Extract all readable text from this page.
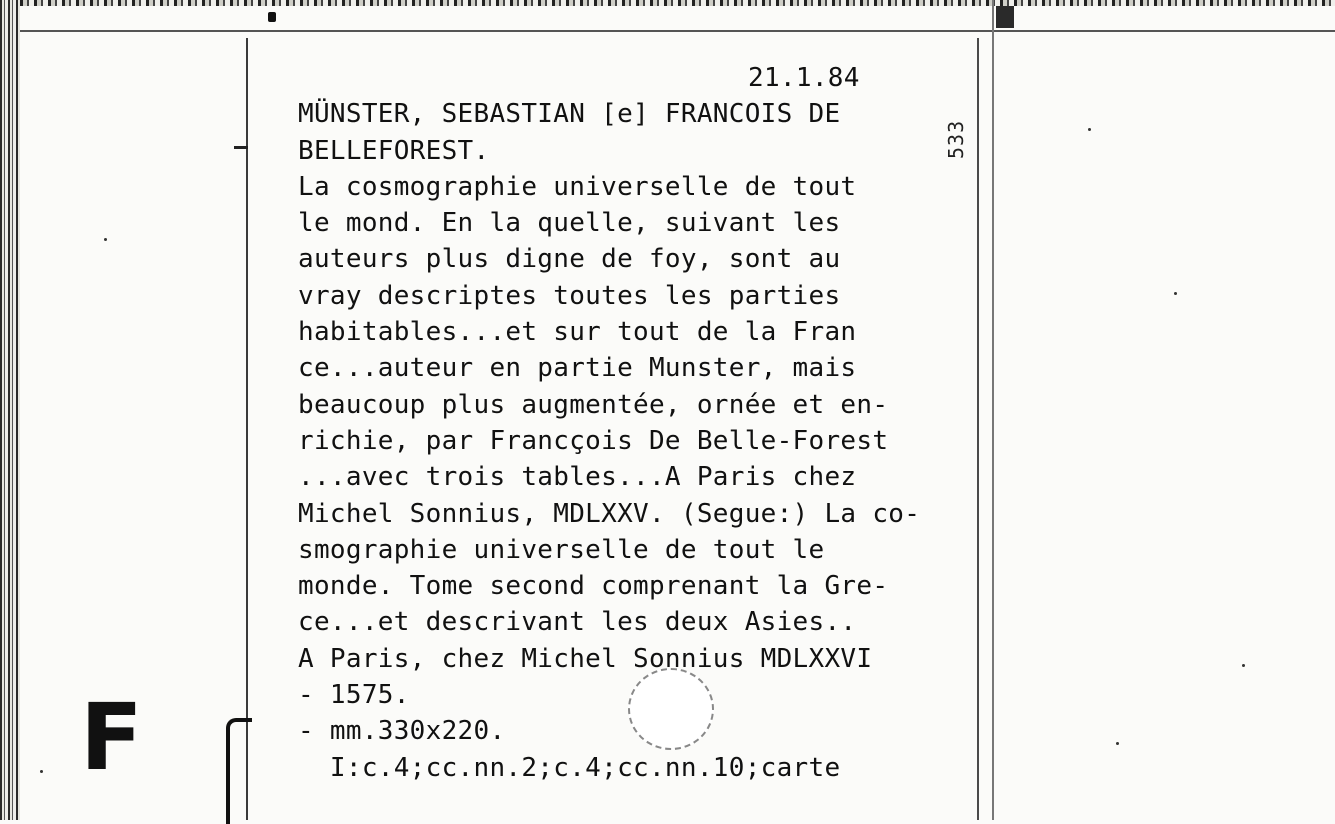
F
533
21.1.84
MÜNSTER, SEBASTIAN [e] FRANCOIS DE
BELLEFOREST.
La cosmographie universelle de tout
le mond. En la quelle, suivant les
auteurs plus digne de foy, sont au
vray descriptes toutes les parties
habitables...et sur tout de la Fran
ce...auteur en partie Munster, mais
beaucoup plus augmentée, ornée et en-
richie, par Francçois De Belle-Forest
...avec trois tables...A Paris chez
Michel Sonnius, MDLXXV. (Segue:) La co-
smographie universelle de tout le
monde. Tome second comprenant la Gre-
ce...et descrivant les deux Asies..
A Paris, chez Michel Sonnius MDLXXVI
- 1575.
- mm.330x220.
I:c.4;cc.nn.2;c.4;cc.nn.10;carte
